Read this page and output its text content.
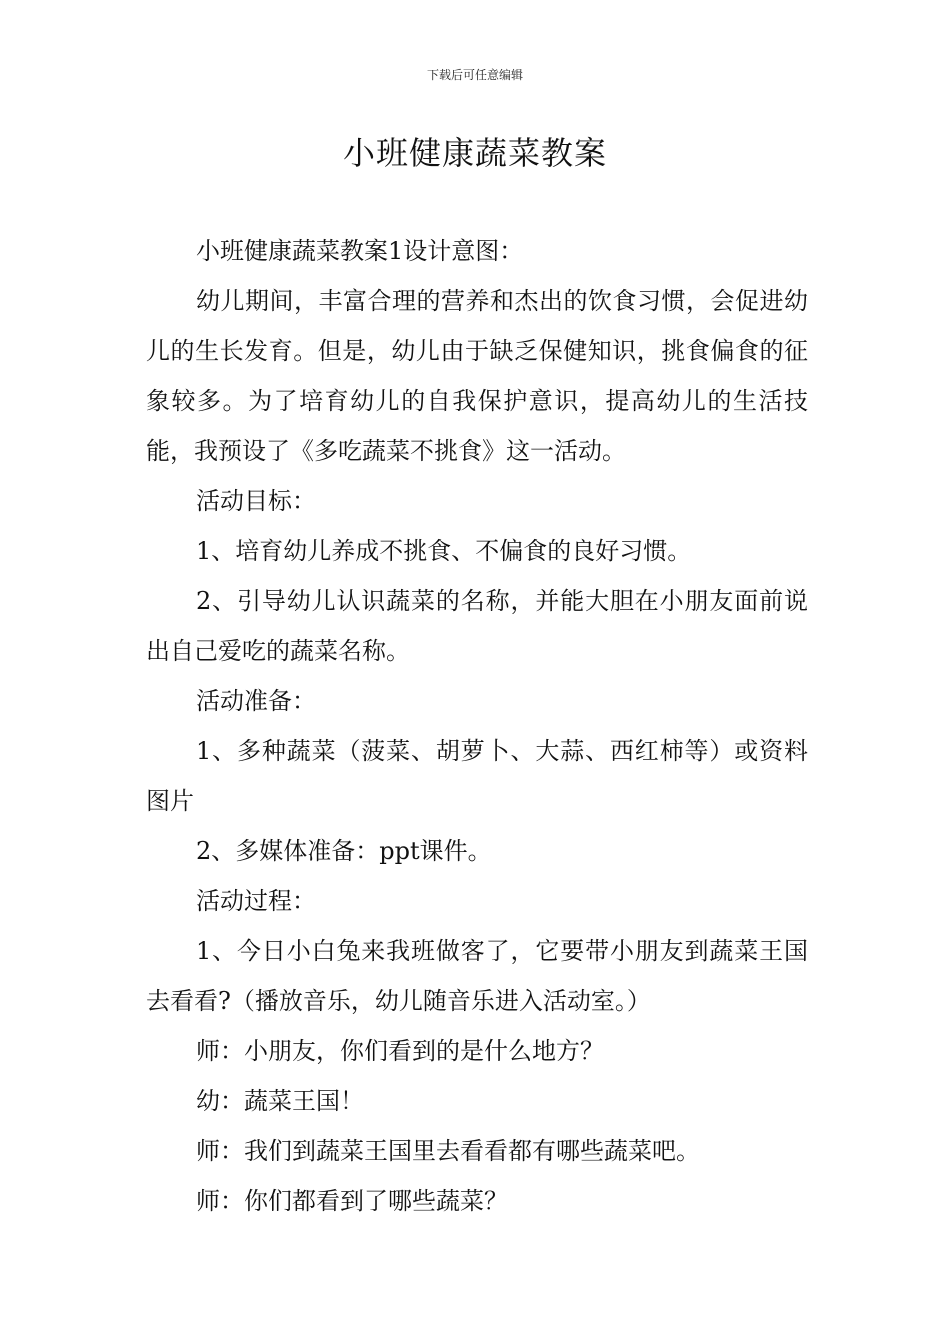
下载后可任意编辑
小班健康蔬菜教案

小班健康蔬菜教案1设计意图：

幼儿期间，丰富合理的营养和杰出的饮食习惯，会促进幼儿的生长发育。但是，幼儿由于缺乏保健知识，挑食偏食的征象较多。为了培育幼儿的自我保护意识，提高幼儿的生活技能，我预设了《多吃蔬菜不挑食》这一活动。

活动目标：

1、培育幼儿养成不挑食、不偏食的良好习惯。

2、引导幼儿认识蔬菜的名称，并能大胆在小朋友面前说出自己爱吃的蔬菜名称。

活动准备：

1、多种蔬菜（菠菜、胡萝卜、大蒜、西红柿等）或资料图片

2、多媒体准备：ppt课件。

活动过程：

1、今日小白兔来我班做客了，它要带小朋友到蔬菜王国去看看?（播放音乐，幼儿随音乐进入活动室。）

师：小朋友，你们看到的是什么地方？

幼：蔬菜王国！

师：我们到蔬菜王国里去看看都有哪些蔬菜吧。

师：你们都看到了哪些蔬菜？
